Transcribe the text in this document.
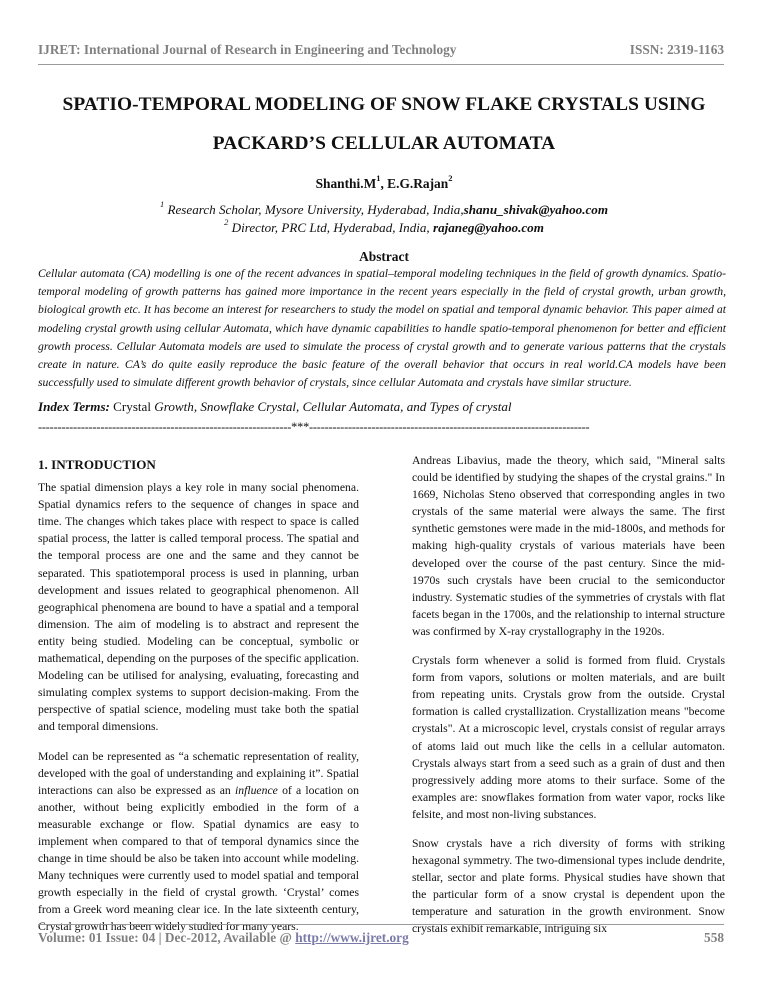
IJRET: International Journal of Research in Engineering and Technology	ISSN: 2319-1163
SPATIO-TEMPORAL MODELING OF SNOW FLAKE CRYSTALS USING
PACKARD’S CELLULAR AUTOMATA
$Shanthi.M^1$, E.G.Rajan$^2$
$^1$ Research Scholar, Mysore University, Hyderabad, India,shanu_shivak@yahoo.com
$^2$ Director, PRC Ltd, Hyderabad, India, rajaneg@yahoo.com
Abstract

Cellular automata (CA) modelling is one of the recent advances in spatial–temporal modeling techniques in the field of growth dynamics. Spatio-temporal modeling of growth patterns has gained more importance in the recent years especially in the field of crystal growth, urban growth, biological growth etc. It has become an interest for researchers to study the model on spatial and temporal dynamic behavior. This paper aimed at modeling crystal growth using cellular Automata, which have dynamic capabilities to handle spatio-temporal phenomenon for better and efficient growth process. Cellular Automata models are used to simulate the process of crystal growth and to generate various patterns that the crystals create in nature. CA’s do quite easily reproduce the basic feature of the overall behavior that occurs in real world.CA models have been successfully used to simulate different growth behavior of crystals, since cellular Automata and crystals have similar structure.

Index Terms: Crystal Growth, Snowflake Crystal, Cellular Automata, and Types of crystal
-----------------------------------------------------------------***------------------------------------------------------------------------
1. INTRODUCTION

The spatial dimension plays a key role in many social phenomena. Spatial dynamics refers to the sequence of changes in space and time. The changes which takes place with respect to space is called spatial process, the latter is called temporal process. The spatial and the temporal process are one and the same and they cannot be separated. This spatiotemporal process is used in planning, urban development and issues related to geographical phenomenon. All geographical phenomena are bound to have a spatial and a temporal dimension. The aim of modeling is to abstract and represent the entity being studied. Modeling can be conceptual, symbolic or mathematical, depending on the purposes of the specific application. Modeling can be utilised for analysing, evaluating, forecasting and simulating complex systems to support decision-making. From the perspective of spatial science, modeling must take both the spatial and temporal dimensions.

Model can be represented as “a schematic representation of reality, developed with the goal of understanding and explaining it”. Spatial interactions can also be expressed as an influence of a location on another, without being explicitly embodied in the form of a measurable exchange or flow. Spatial dynamics are easy to implement when compared to that of temporal dynamics since the change in time should be also be taken into account while modeling. Many techniques were currently used to model spatial and temporal growth especially in the field of crystal growth. ‘Crystal’ comes from a Greek word meaning clear ice. In the late sixteenth century, Crystal growth has been widely studied for many years.

Andreas Libavius, made the theory, which said, "Mineral salts could be identified by studying the shapes of the crystal grains." In 1669, Nicholas Steno observed that corresponding angles in two crystals of the same material were always the same. The first synthetic gemstones were made in the mid-1800s, and methods for making high-quality crystals of various materials have been developed over the course of the past century. Since the mid-1970s such crystals have been crucial to the semiconductor industry. Systematic studies of the symmetries of crystals with flat facets began in the 1700s, and the relationship to internal structure was confirmed by X-ray crystallography in the 1920s.

Crystals form whenever a solid is formed from fluid. Crystals form from vapors, solutions or molten materials, and are built from repeating units. Crystals grow from the outside. Crystal formation is called crystallization. Crystallization means "become crystals". At a microscopic level, crystals consist of regular arrays of atoms laid out much like the cells in a cellular automaton. Crystals always start from a seed such as a grain of dust and then progressively adding more atoms to their surface. Some of the examples are: snowflakes formation from water vapor, rocks like felsite, and most non-living substances.

Snow crystals have a rich diversity of forms with striking hexagonal symmetry. The two-dimensional types include dendrite, stellar, sector and plate forms. Physical studies have shown that the particular form of a snow crystal is dependent upon the temperature and saturation in the growth environment. Snow crystals exhibit remarkable, intriguing six

Volume: 01 Issue: 04 | Dec-2012, Available @ http://www.ijret.org	558
